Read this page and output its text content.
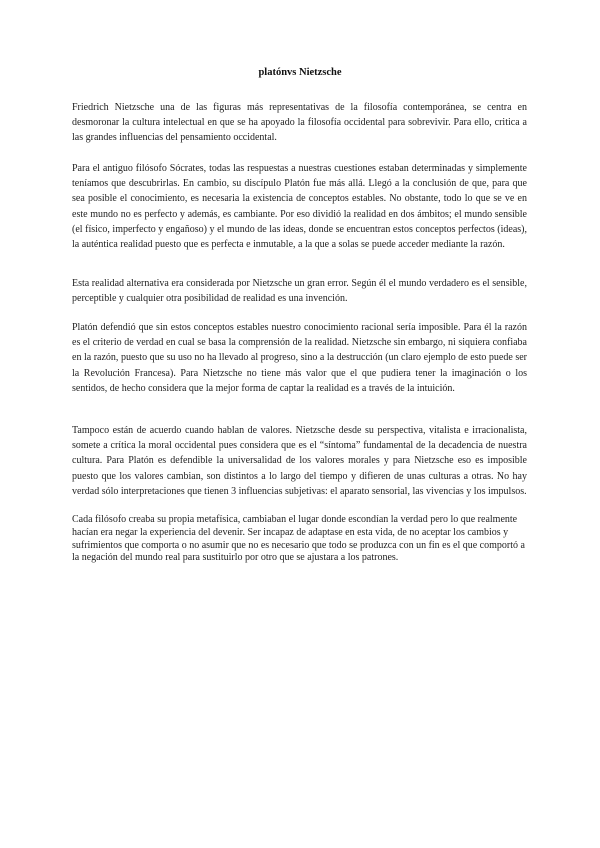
platónvs Nietzsche

Friedrich Nietzsche una de las figuras más representativas de la filosofía contemporánea, se centra en desmoronar la cultura intelectual en que se ha apoyado la filosofía occidental para sobrevivir. Para ello, critica a las grandes influencias del pensamiento occidental.

Para el antiguo filósofo Sócrates, todas las respuestas a nuestras cuestiones estaban determinadas y simplemente teníamos que descubrirlas. En cambio, su discípulo Platón fue más allá. Llegó a la conclusión de que, para que sea posible el conocimiento, es necesaria la existencia de conceptos estables. No obstante, todo lo que se ve en este mundo no es perfecto y además, es cambiante. Por eso dividió la realidad en dos ámbitos; el mundo sensible (el físico, imperfecto y engañoso) y el mundo de las ideas, donde se encuentran estos conceptos perfectos (ideas), la auténtica realidad puesto que es perfecta e inmutable, a la que a solas se puede acceder mediante la razón.

Esta realidad alternativa era considerada por Nietzsche un gran error. Según él el mundo verdadero es el sensible, perceptible y cualquier otra posibilidad de realidad es una invención.

Platón defendió que sin estos conceptos estables nuestro conocimiento racional sería imposible. Para él la razón es el criterio de verdad en cual se basa la comprensión de la realidad. Nietzsche sin embargo, ni siquiera confiaba en la razón, puesto que su uso no ha llevado al progreso, sino a la destrucción (un claro ejemplo de esto puede ser la Revolución Francesa). Para Nietzsche no tiene más valor que el que pudiera tener la imaginación o los sentidos, de hecho considera que la mejor forma de captar la realidad es a través de la intuición.

Tampoco están de acuerdo cuando hablan de valores. Nietzsche desde su perspectiva, vitalista e irracionalista, somete a crítica la moral occidental pues considera que es el “síntoma” fundamental de la decadencia de nuestra cultura. Para Platón es defendible la universalidad de los valores morales y para Nietzsche eso es imposible puesto que los valores cambian, son distintos a lo largo del tiempo y difieren de unas culturas a otras. No hay verdad sólo interpretaciones que tienen 3 influencias subjetivas: el aparato sensorial, las vivencias y los impulsos.

Cada filósofo creaba su propia metafísica, cambiaban el lugar donde escondían la verdad pero lo que realmente hacían era negar la experiencia del devenir. Ser incapaz de adaptase en esta vida, de no aceptar los cambios y sufrimientos que comporta o no asumir que no es necesario que todo se produzca con un fin es el que comportó a la negación del mundo real para sustituirlo por otro que se ajustara a los patrones.
